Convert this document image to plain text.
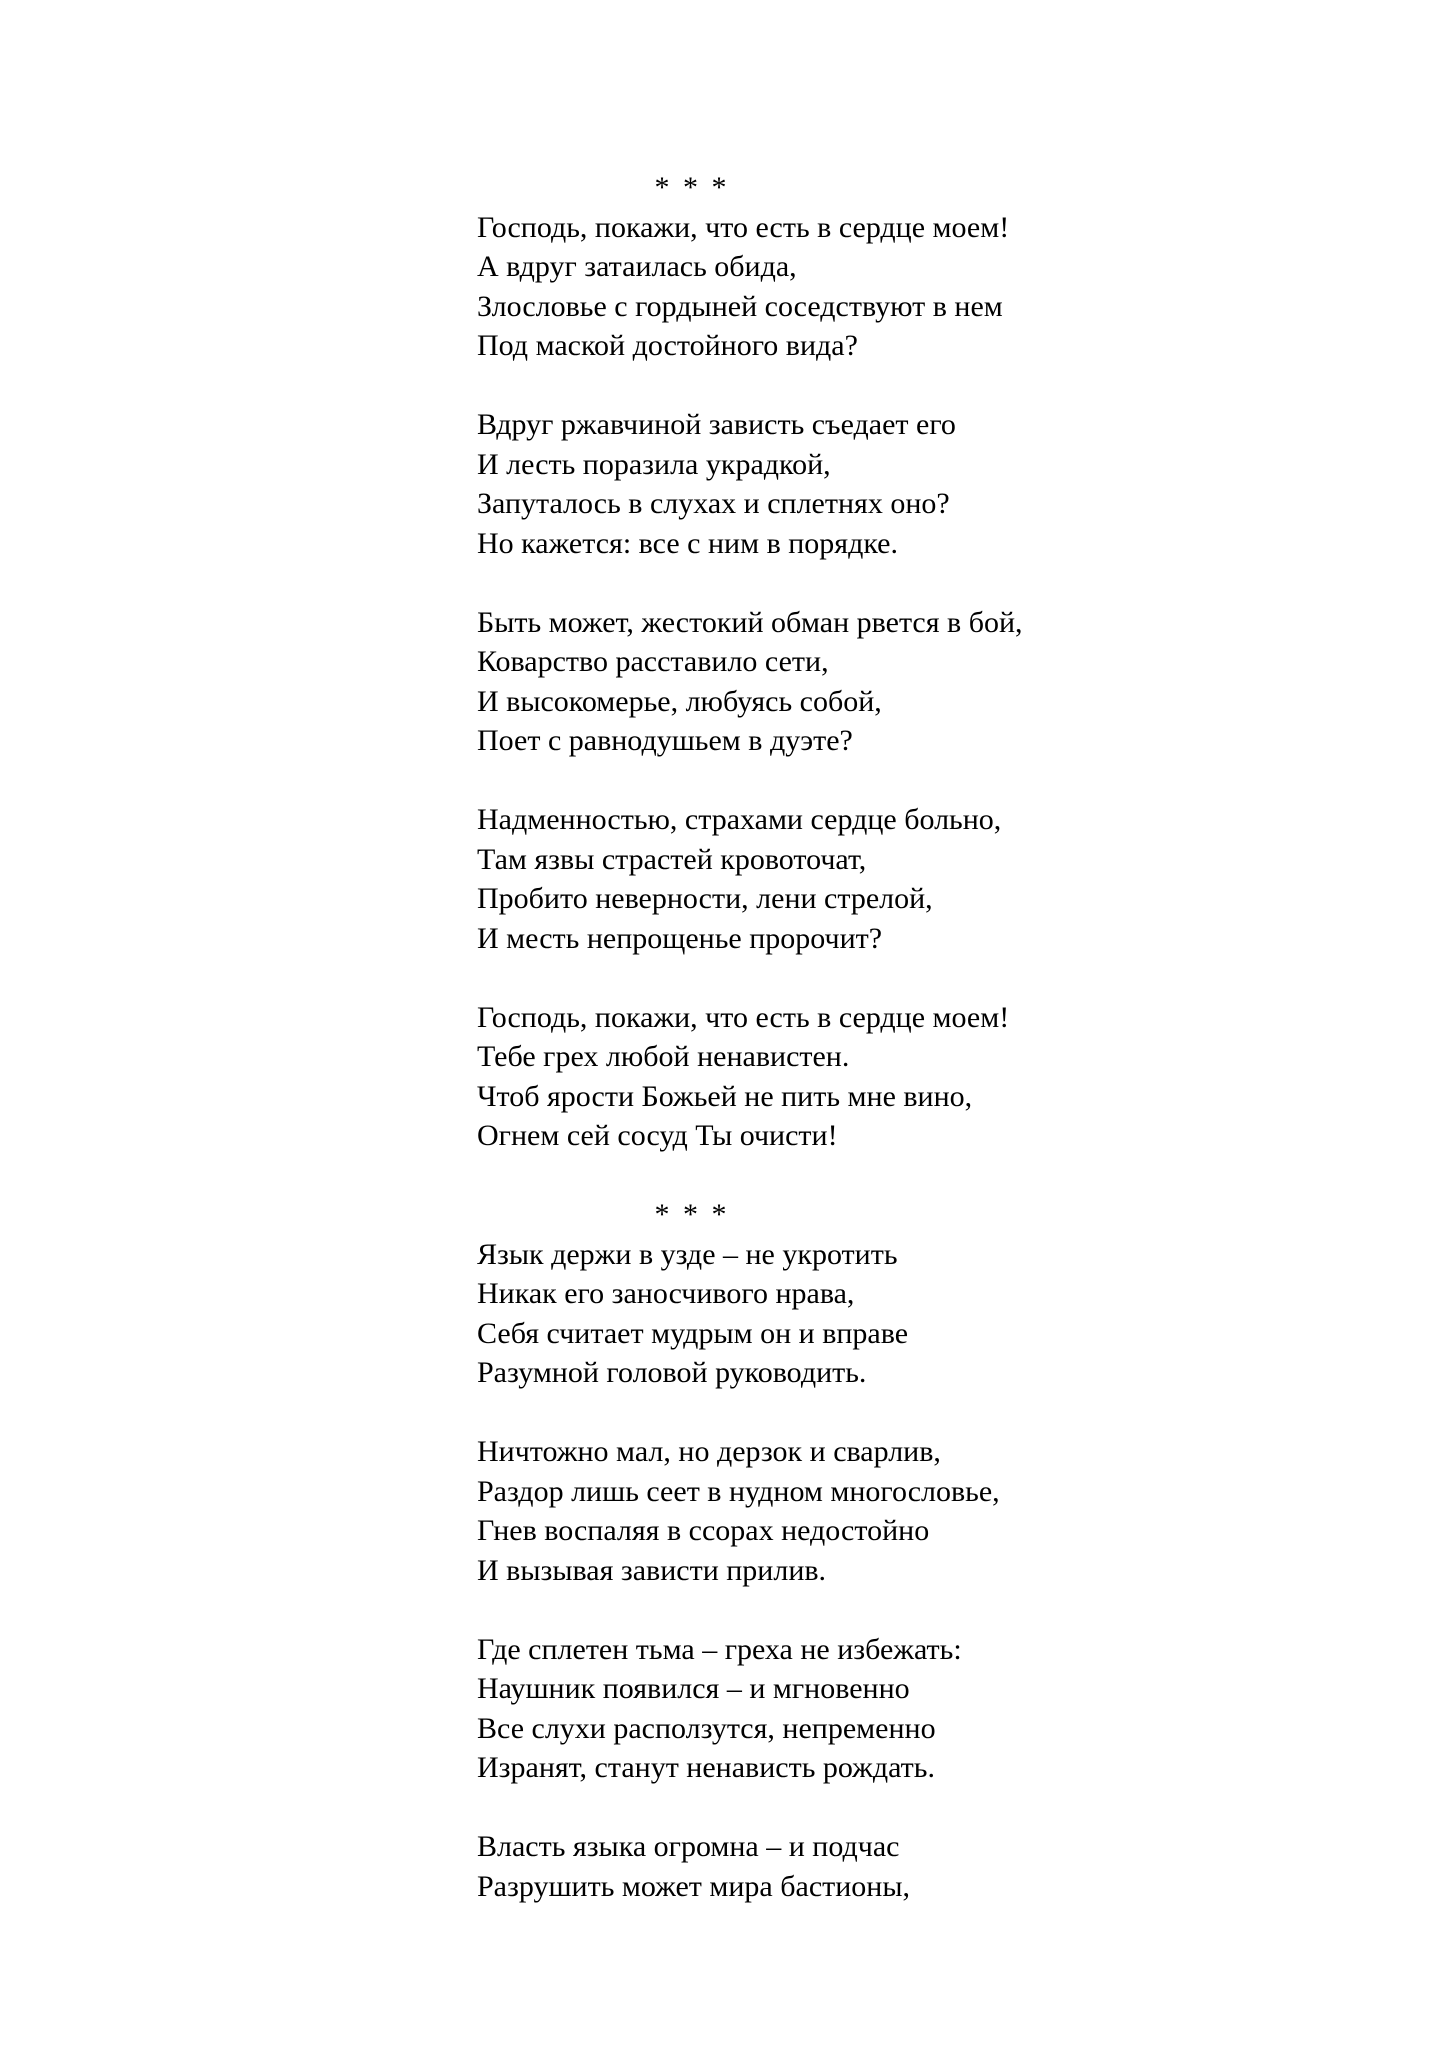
* * *
Господь, покажи, что есть в сердце моем!
А вдруг затаилась обида,
Злословье с гордыней соседствуют в нем
Под маской достойного вида?
Вдруг ржавчиной зависть съедает его
И лесть поразила украдкой,
Запуталось в слухах и сплетнях оно?
Но кажется: все с ним в порядке.
Быть может, жестокий обман рвется в бой,
Коварство расставило сети,
И высокомерье, любуясь собой,
Поет с равнодушьем в дуэте?
Надменностью, страхами сердце больно,
Там язвы страстей кровоточат,
Пробито неверности, лени стрелой,
И месть непрощенье пророчит?
Господь, покажи, что есть в сердце моем!
Тебе грех любой ненавистен.
Чтоб ярости Божьей не пить мне вино,
Огнем сей сосуд Ты очисти!
* * *
Язык держи в узде – не укротить
Никак его заносчивого нрава,
Себя считает мудрым он и вправе
Разумной головой руководить.
Ничтожно мал, но дерзок и сварлив,
Раздор лишь сеет в нудном многословье,
Гнев воспаляя в ссорах недостойно
И вызывая зависти прилив.
Где сплетен тьма – греха не избежать:
Наушник появился – и мгновенно
Все слухи расползутся, непременно
Изранят, станут ненависть рождать.
Власть языка огромна – и подчас
Разрушить может мира бастионы,
